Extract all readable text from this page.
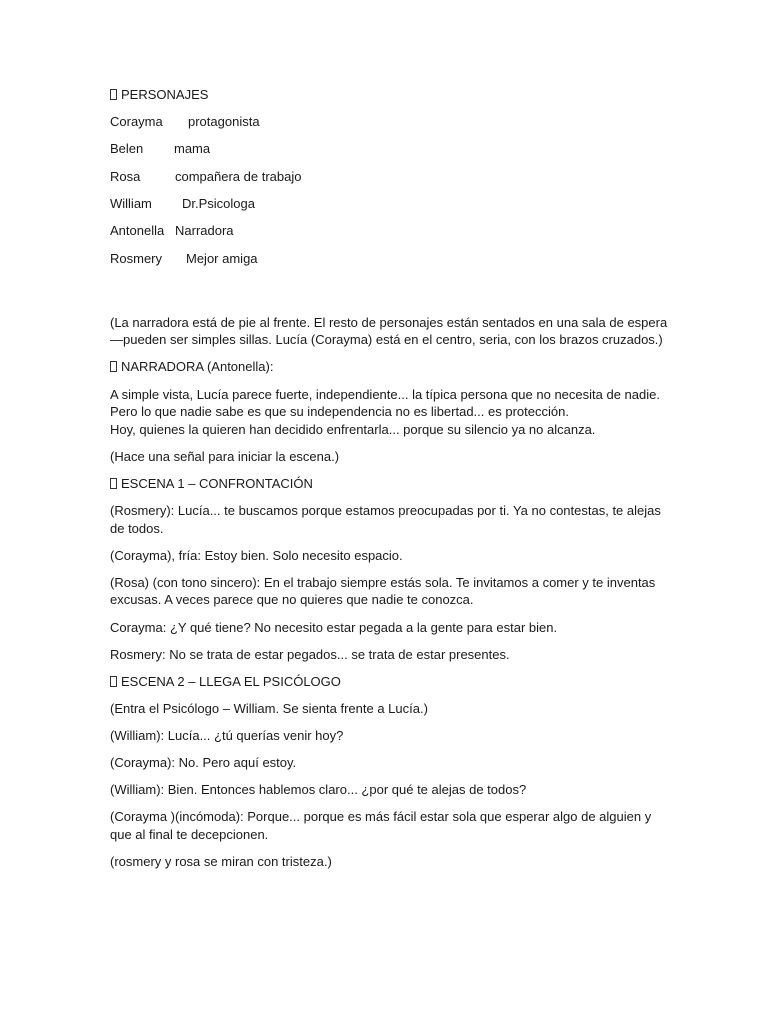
PERSONAJES

Corayma	protagonista
Belen	mama
Rosa	compañera de trabajo
William	Dr.Psicologa
Antonella Narradora
Rosmery	Mejor amiga

(La narradora está de pie al frente. El resto de personajes están sentados en una sala de espera —pueden ser simples sillas. Lucía (Corayma) está en el centro, seria, con los brazos cruzados.)

NARRADORA (Antonella):

A simple vista, Lucía parece fuerte, independiente... la típica persona que no necesita de nadie.

Pero lo que nadie sabe es que su independencia no es libertad... es protección.

Hoy, quienes la quieren han decidido enfrentarla... porque su silencio ya no alcanza.

(Hace una señal para iniciar la escena.)

ESCENA 1 – CONFRONTACIÓN

(Rosmery): Lucía... te buscamos porque estamos preocupadas por ti. Ya no contestas, te alejas de todos.

(Corayma), fría: Estoy bien. Solo necesito espacio.

(Rosa) (con tono sincero): En el trabajo siempre estás sola. Te invitamos a comer y te inventas excusas. A veces parece que no quieres que nadie te conozca.

Corayma: ¿Y qué tiene? No necesito estar pegada a la gente para estar bien.

Rosmery: No se trata de estar pegados... se trata de estar presentes.

ESCENA 2 – LLEGA EL PSICÓLOGO

(Entra el Psicólogo – William. Se sienta frente a Lucía.)

(William): Lucía... ¿tú querías venir hoy?

(Corayma): No. Pero aquí estoy.

(William): Bien. Entonces hablemos claro... ¿por qué te alejas de todos?

(Corayma )(incómoda): Porque... porque es más fácil estar sola que esperar algo de alguien y que al final te decepcionen.

(rosmery y rosa se miran con tristeza.)
